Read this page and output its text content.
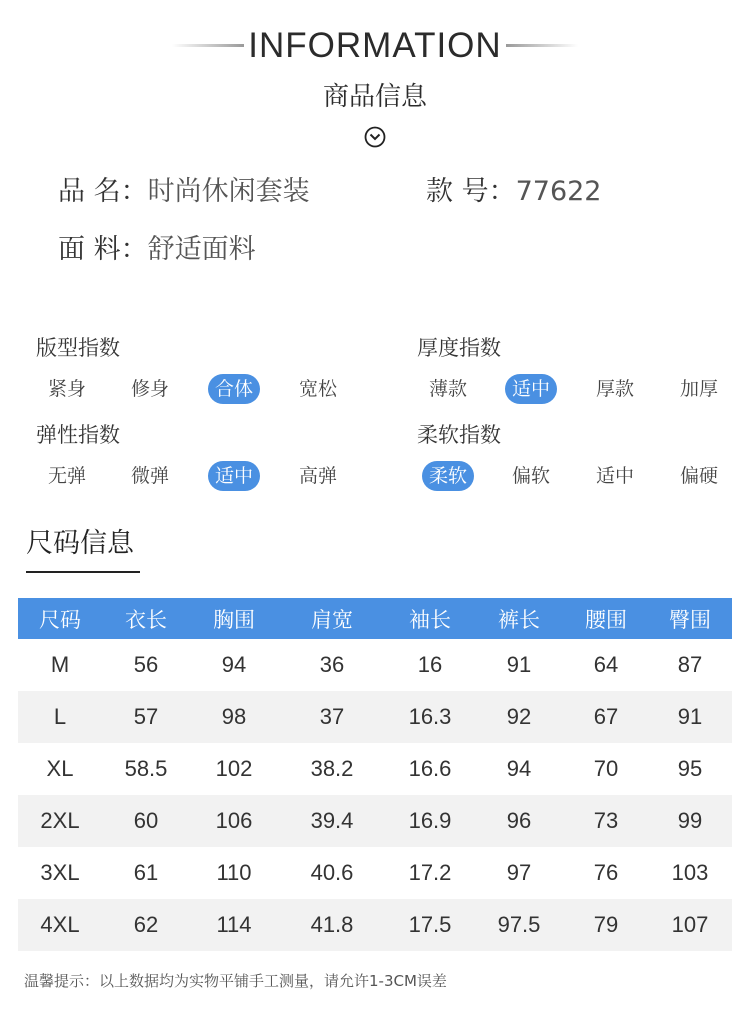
INFORMATION
商品信息
品 名：时尚休闲套装	款 号：77622
面 料：舒适面料
版型指数
紧身	修身	合体	宽松
厚度指数
薄款	适中	厚款	加厚
弹性指数
无弹	微弹	适中	高弹
柔软指数
柔软	偏软	适中	偏硬
尺码信息
尺码	衣长	胸围	肩宽	袖长	裤长	腰围	臀围
M	56	94	36	16	91	64	87
L	57	98	37	16.3	92	67	91
XL	58.5	102	38.2	16.6	94	70	95
2XL	60	106	39.4	16.9	96	73	99
3XL	61	110	40.6	17.2	97	76	103
4XL	62	114	41.8	17.5	97.5	79	107
温馨提示：以上数据均为实物平铺手工测量，请允许1-3CM误差
